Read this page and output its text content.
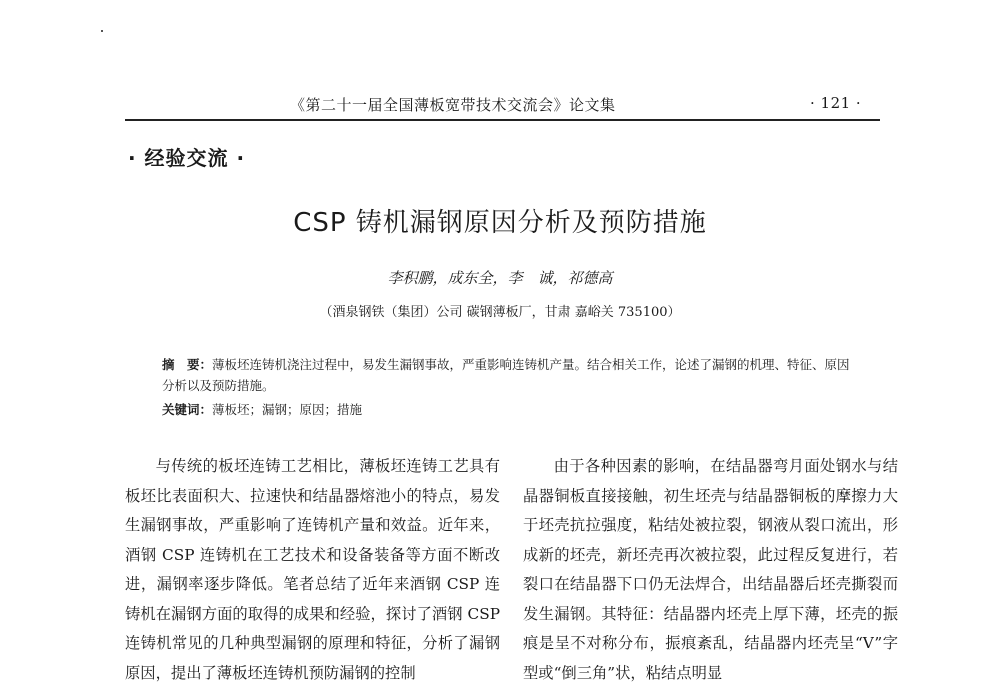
《第二十一届全国薄板宽带技术交流会》论文集	· 121 ·
· 经验交流 ·
CSP 铸机漏钢原因分析及预防措施
李积鹏，成东全，李　诚，祁德高
（酒泉钢铁（集团）公司 碳钢薄板厂，甘肃 嘉峪关 735100）
摘　要：薄板坯连铸机浇注过程中，易发生漏钢事故，严重影响连铸机产量。结合相关工作，论述了漏钢的机理、特征、原因分析以及预防措施。
关键词：薄板坯；漏钢；原因；措施

与传统的板坯连铸工艺相比，薄板坯连铸工艺具有板坯比表面积大、拉速快和结晶器熔池小的特点，易发生漏钢事故，严重影响了连铸机产量和效益。近年来，酒钢 CSP 连铸机在工艺技术和设备装备等方面不断改进，漏钢率逐步降低。笔者总结了近年来酒钢 CSP 连铸机在漏钢方面的取得的成果和经验，探讨了酒钢 CSP 连铸机常见的几种典型漏钢的原理和特征，分析了漏钢原因，提出了薄板坯连铸机预防漏钢的控制

由于各种因素的影响，在结晶器弯月面处钢水与结晶器铜板直接接触，初生坯壳与结晶器铜板的摩擦力大于坯壳抗拉强度，粘结处被拉裂，钢液从裂口流出，形成新的坯壳，新坯壳再次被拉裂，此过程反复进行，若裂口在结晶器下口仍无法焊合，出结晶器后坯壳撕裂而发生漏钢。其特征：结晶器内坯壳上厚下薄，坯壳的振痕是呈不对称分布，振痕紊乱，结晶器内坯壳呈“V”字型或“倒三角”状，粘结点明显
